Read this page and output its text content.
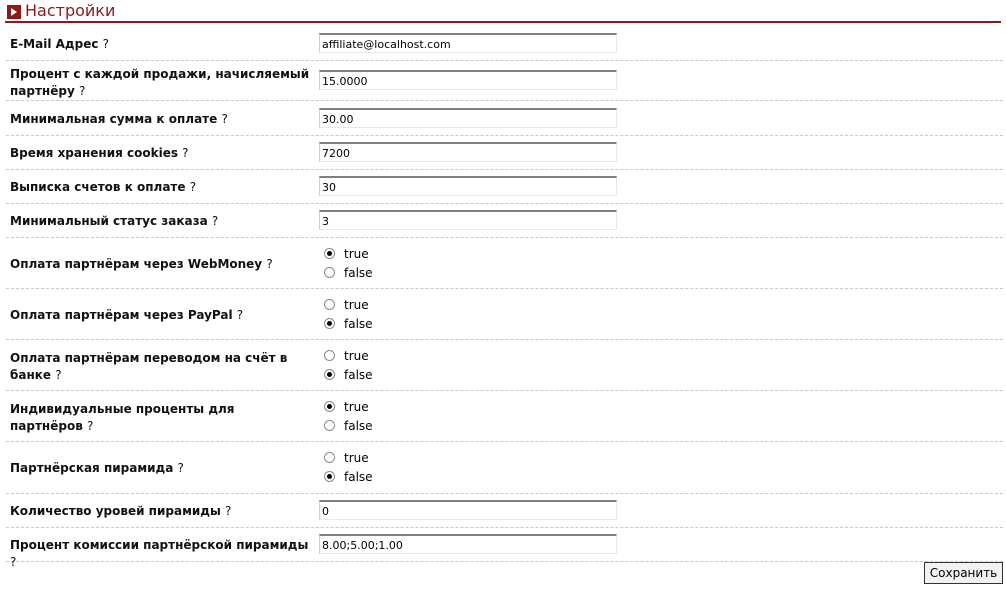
Настройки
E-Mail Адрес ?
affiliate@localhost.com
Процент с каждой продажи, начисляемый партнёру ?
15.0000
Минимальная сумма к оплате ?
30.00
Время хранения cookies ?
7200
Выписка счетов к оплате ?
30
Минимальный статус заказа ?
3
Оплата партнёрам через WebMoney ?
true
false
Оплата партнёрам через PayPal ?
true
false
Оплата партнёрам переводом на счёт в банке ?
true
false
Индивидуальные проценты для партнёров ?
true
false
Партнёрская пирамида ?
true
false
Количество уровей пирамиды ?
0
Процент комиссии партнёрской пирамиды ?
8.00;5.00;1.00
Сохранить
